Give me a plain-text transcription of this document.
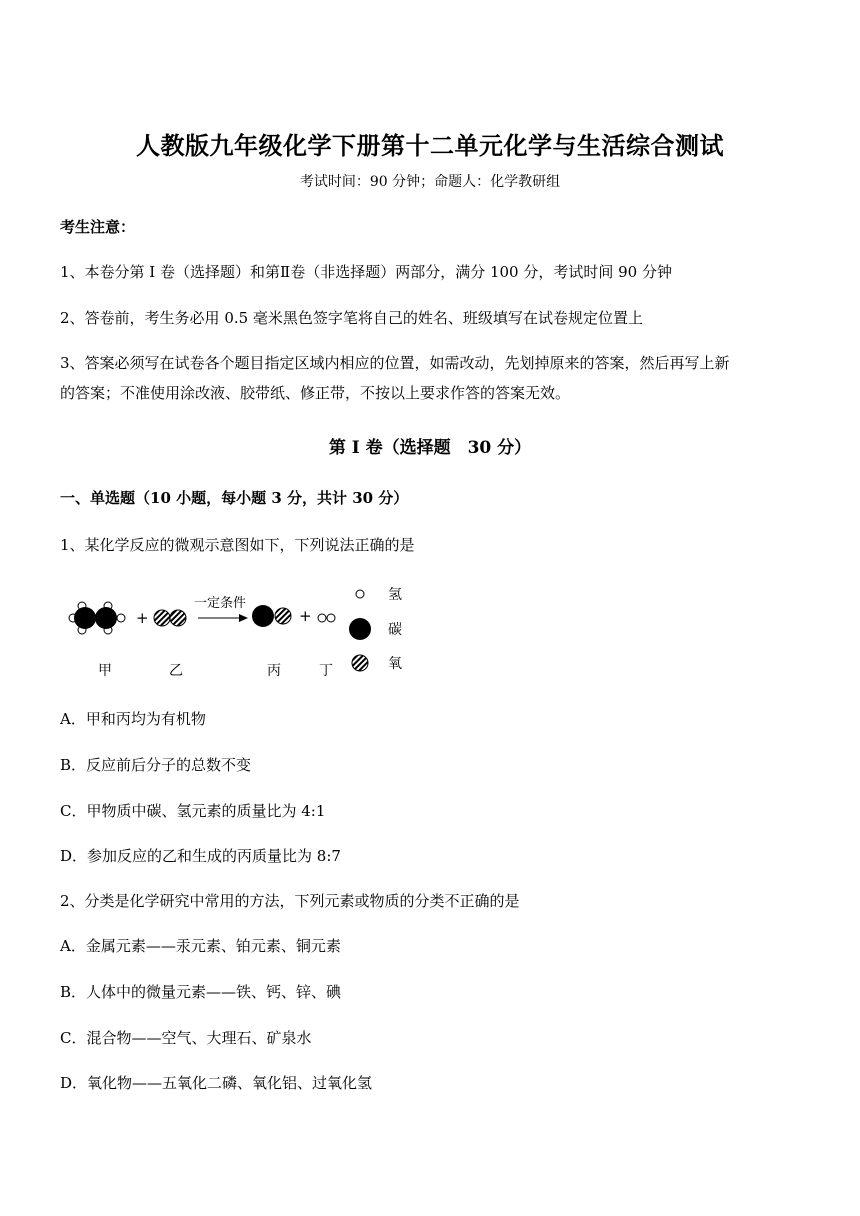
人教版九年级化学下册第十二单元化学与生活综合测试
考试时间：90 分钟；命题人：化学教研组
考生注意：
1、本卷分第 I 卷（选择题）和第Ⅱ卷（非选择题）两部分，满分 100 分，考试时间 90 分钟
2、答卷前，考生务必用 0.5 毫米黑色签字笔将自己的姓名、班级填写在试卷规定位置上
3、答案必须写在试卷各个题目指定区域内相应的位置，如需改动，先划掉原来的答案，然后再写上新
的答案；不准使用涂改液、胶带纸、修正带，不按以上要求作答的答案无效。
第 I 卷（选择题　30 分）
一、单选题（10 小题，每小题 3 分，共计 30 分）
1、某化学反应的微观示意图如下，下列说法正确的是
+
一定条件
+
氢
碳
氧
甲	乙	丙	丁
A．甲和丙均为有机物
B．反应前后分子的总数不变
C．甲物质中碳、氢元素的质量比为 4:1
D．参加反应的乙和生成的丙质量比为 8:7
2、分类是化学研究中常用的方法，下列元素或物质的分类不正确的是
A．金属元素——汞元素、铂元素、铜元素
B．人体中的微量元素——铁、钙、锌、碘
C．混合物——空气、大理石、矿泉水
D．氧化物——五氧化二磷、氧化铝、过氧化氢
